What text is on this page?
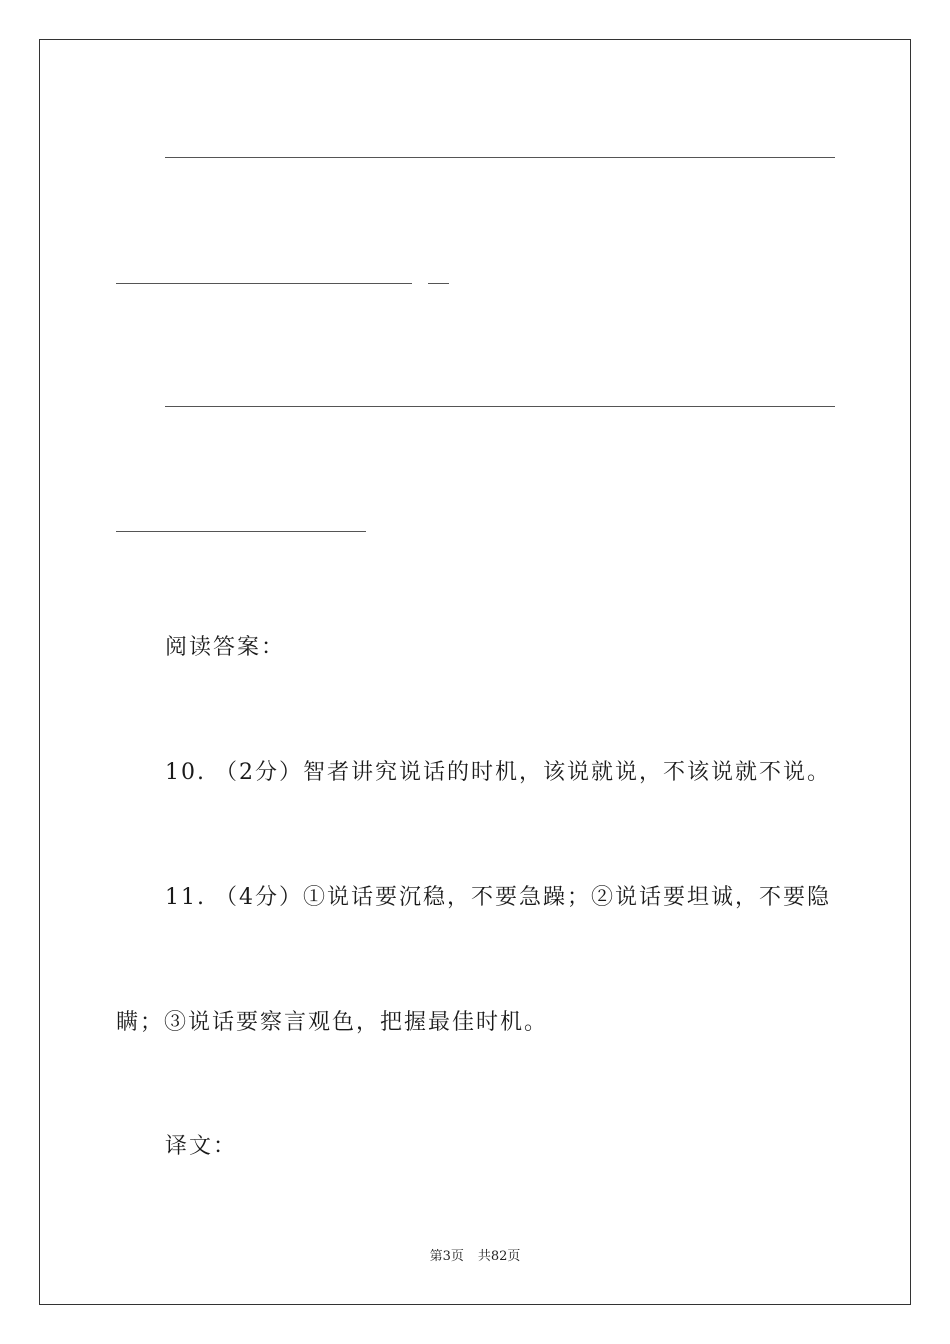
阅读答案：
10. （2分）智者讲究说话的时机，该说就说，不该说就不说。
11. （4分）①说话要沉稳，不要急躁；②说话要坦诚，不要隐
瞒；③说话要察言观色，把握最佳时机。
译文：
第3页 共82页
